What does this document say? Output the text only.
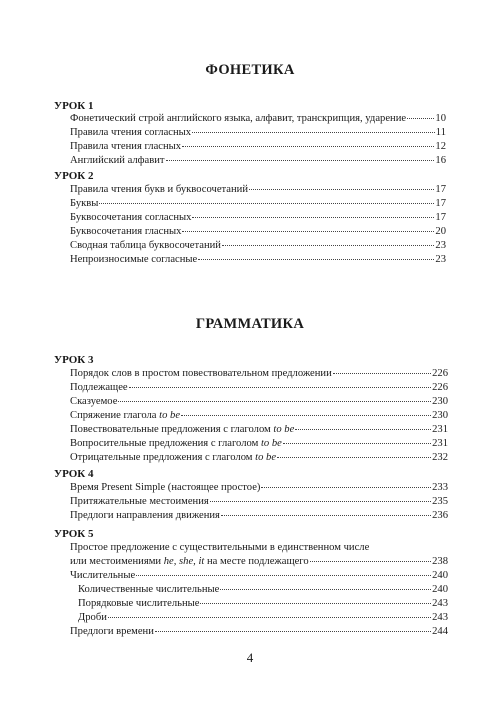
ФОНЕТИКА
УРОК 1
Фонетический строй английского языка, алфавит, транскрипция, ударение	10
Правила чтения согласных	11
Правила чтения гласных	12
Английский алфавит	16
УРОК 2
Правила чтения букв и буквосочетаний	17
Буквы	17
Буквосочетания согласных	17
Буквосочетания гласных	20
Сводная таблица буквосочетаний	23
Непроизносимые согласные	23
ГРАММАТИКА
УРОК 3
Порядок слов в простом повествовательном предложении	226
Подлежащее	226
Сказуемое	230
Спряжение глагола to be	230
Повествовательные предложения с глаголом to be	231
Вопросительные предложения с глаголом to be	231
Отрицательные предложения с глаголом to be	232
УРОК 4
Время Present Simple (настоящее простое)	233
Притяжательные местоимения	235
Предлоги направления движения	236
УРОК 5
Простое предложение с существительными в единственном числе
или местоимениями he, she, it на месте подлежащего	238
Числительные	240
Количественные числительные	240
Порядковые числительные	243
Дроби	243
Предлоги времени	244
4
